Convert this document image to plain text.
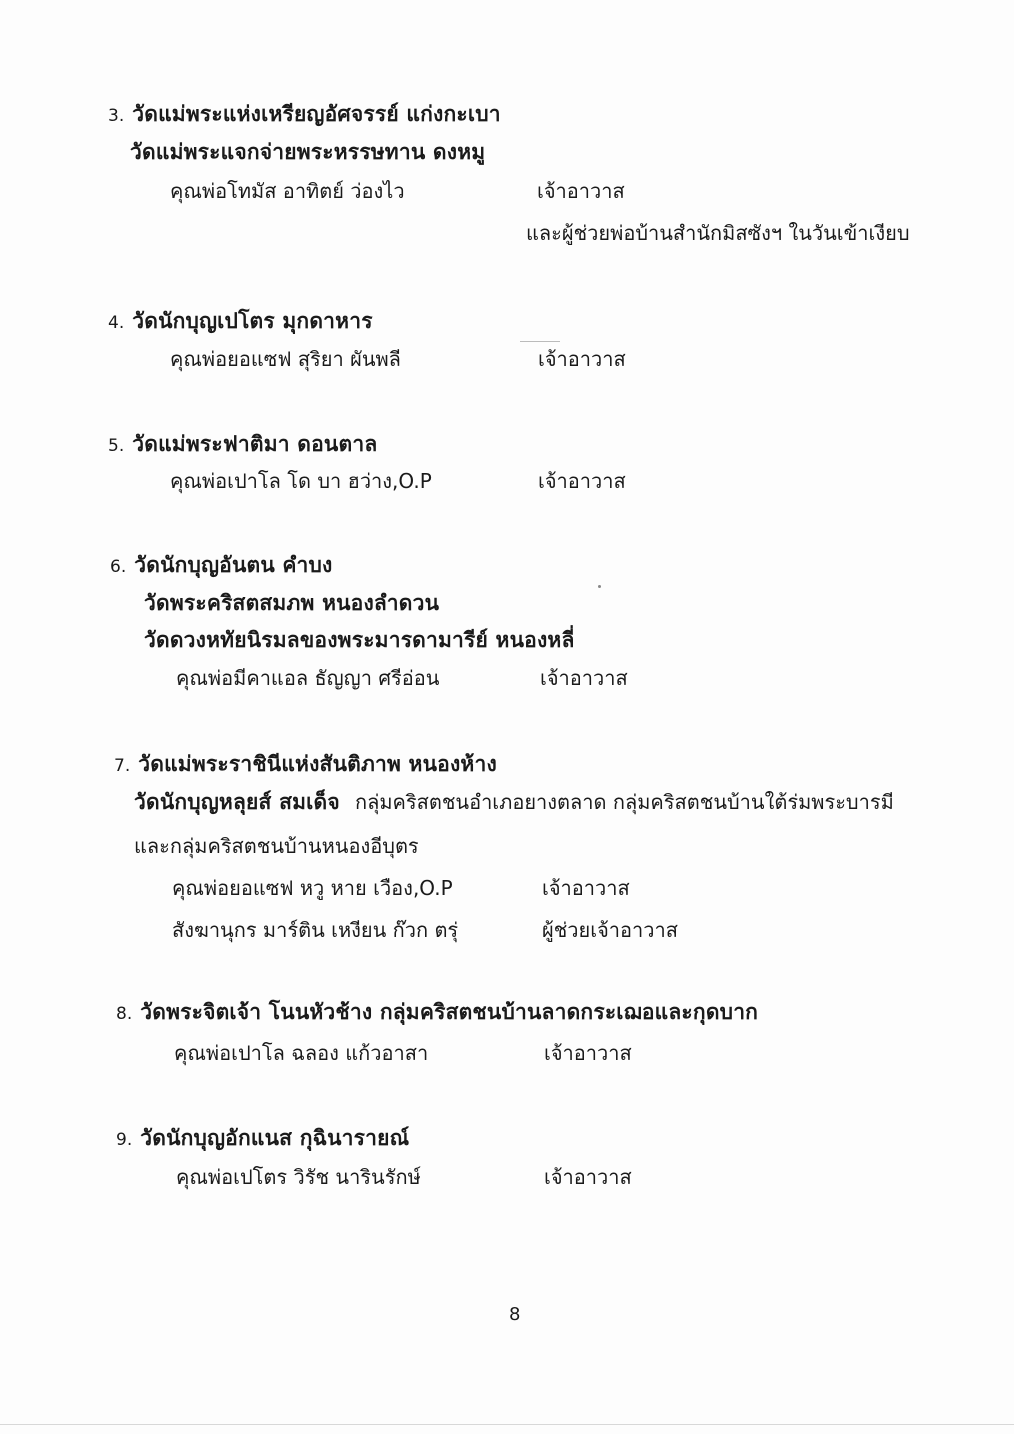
3. วัดแม่พระแห่งเหรียญอัศจรรย์ แก่งกะเบา
วัดแม่พระแจกจ่ายพระหรรษทาน ดงหมู
คุณพ่อโทมัส อาทิตย์ ว่องไว	เจ้าอาวาส
และผู้ช่วยพ่อบ้านสำนักมิสซังฯ ในวันเข้าเงียบ
4. วัดนักบุญเปโตร มุกดาหาร
คุณพ่อยอแซฟ สุริยา ผันพลี	เจ้าอาวาส
5. วัดแม่พระฟาติมา ดอนตาล
คุณพ่อเปาโล โด บา ฮว่าง,O.P	เจ้าอาวาส
6. วัดนักบุญอันตน คำบง
วัดพระคริสตสมภพ หนองลำดวน
วัดดวงหทัยนิรมลของพระมารดามารีย์ หนองหลี่
คุณพ่อมีคาแอล ธัญญา ศรีอ่อน	เจ้าอาวาส
7. วัดแม่พระราชินีแห่งสันติภาพ หนองห้าง
วัดนักบุญหลุยส์ สมเด็จ กลุ่มคริสตชนอำเภอยางตลาด กลุ่มคริสตชนบ้านใต้ร่มพระบารมี
และกลุ่มคริสตชนบ้านหนองอีบุตร
คุณพ่อยอแซฟ หวู หาย เวือง,O.P	เจ้าอาวาส
สังฆานุกร มาร์ติน เหงียน ก๊วก ตรุ่	ผู้ช่วยเจ้าอาวาส
8. วัดพระจิตเจ้า โนนหัวช้าง กลุ่มคริสตชนบ้านลาดกระเฌอและกุดบาก
คุณพ่อเปาโล ฉลอง แก้วอาสา	เจ้าอาวาส
9. วัดนักบุญอักแนส กุฉินารายณ์
คุณพ่อเปโตร วิรัช นารินรักษ์	เจ้าอาวาส
8
